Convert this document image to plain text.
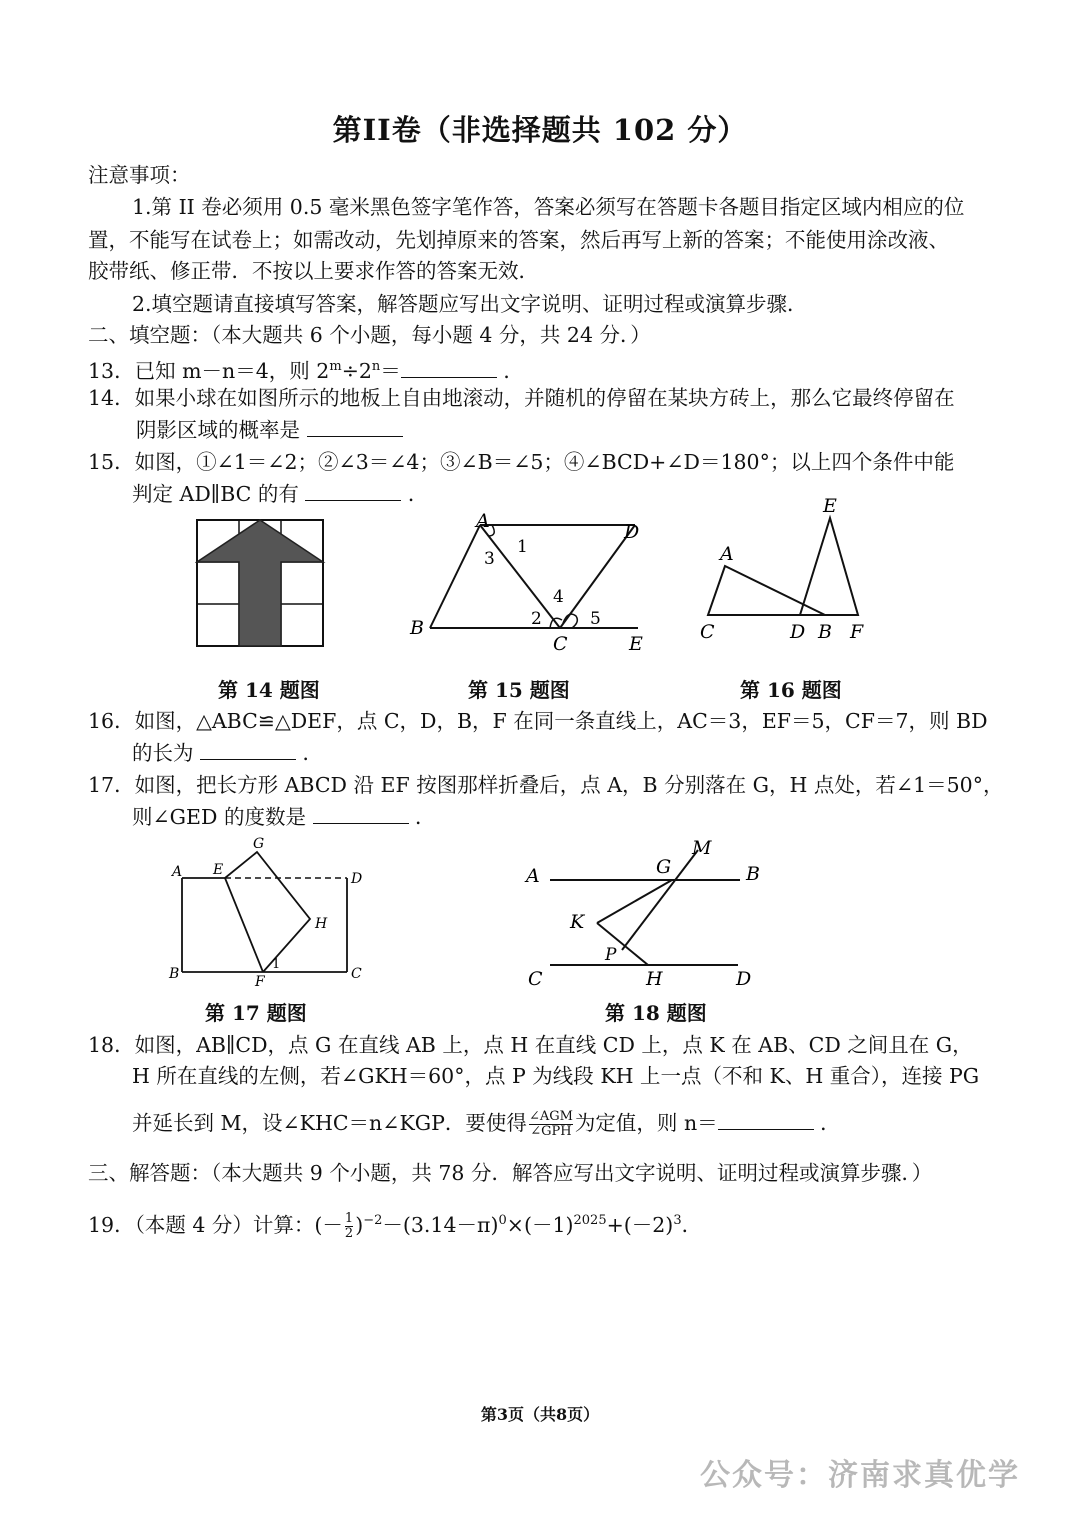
第II卷（非选择题共 102 分）
注意事项：
1.第 II 卷必须用 0.5 毫米黑色签字笔作答，答案必须写在答题卡各题目指定区域内相应的位
置，不能写在试卷上；如需改动，先划掉原来的答案，然后再写上新的答案；不能使用涂改液、
胶带纸、修正带．不按以上要求作答的答案无效．
2.填空题请直接填写答案，解答题应写出文字说明、证明过程或演算步骤．
二、填空题：（本大题共 6 个小题，每小题 4 分，共 24 分．）
13．已知 m－n＝4，则 $2^m\div 2^n=$	．
14．如果小球在如图所示的地板上自由地滚动，并随机的停留在某块方砖上，那么它最终停留在
阴影区域的概率是
15．如图，①∠1＝∠2；②∠3＝∠4；③∠B＝∠5；④∠BCD+∠D＝180°；以上四个条件中能
判定 AD∥BC 的有	．
A	D
B
C	E
1
3
4
2	5
E
A
C	D B F
第 14 题图	第 15 题图	第 16 题图
16．如图，△ABC≌△DEF，点 C，D，B，F 在同一条直线上，AC＝3，EF＝5，CF＝7，则 BD
的长为	．
17．如图，把长方形 ABCD 沿 EF 按图那样折叠后，点 A，B 分别落在 G，H 点处，若∠1＝50°，
则∠GED 的度数是	．
A E
G
D
H
B	F
1
C
A	B
G
M
K
P
C	H	D
第 17 题图	第 18 题图
18．如图，AB∥CD，点 G 在直线 AB 上，点 H 在直线 CD 上，点 K 在 AB、CD 之间且在 G，
H 所在直线的左侧，若∠GKH＝60°，点 P 为线段 KH 上一点（不和 K、H 重合），连接 PG
并延长到 M，设∠KHC＝n∠KGP．要使得 $\frac{\text{∠AGM}}{\text{∠GPH}}$ 为定值，则 n＝	．
三、解答题：（本大题共 9 个小题，共 78 分．解答应写出文字说明、证明过程或演算步骤．）
19．（本题 4 分）计算：(－ $\frac{1}{2} )^{-2}-(3.14-\pi)^0\times(-1)^{2025}+(-2)^3$．
第3页（共8页）
公众号：济南求真优学
